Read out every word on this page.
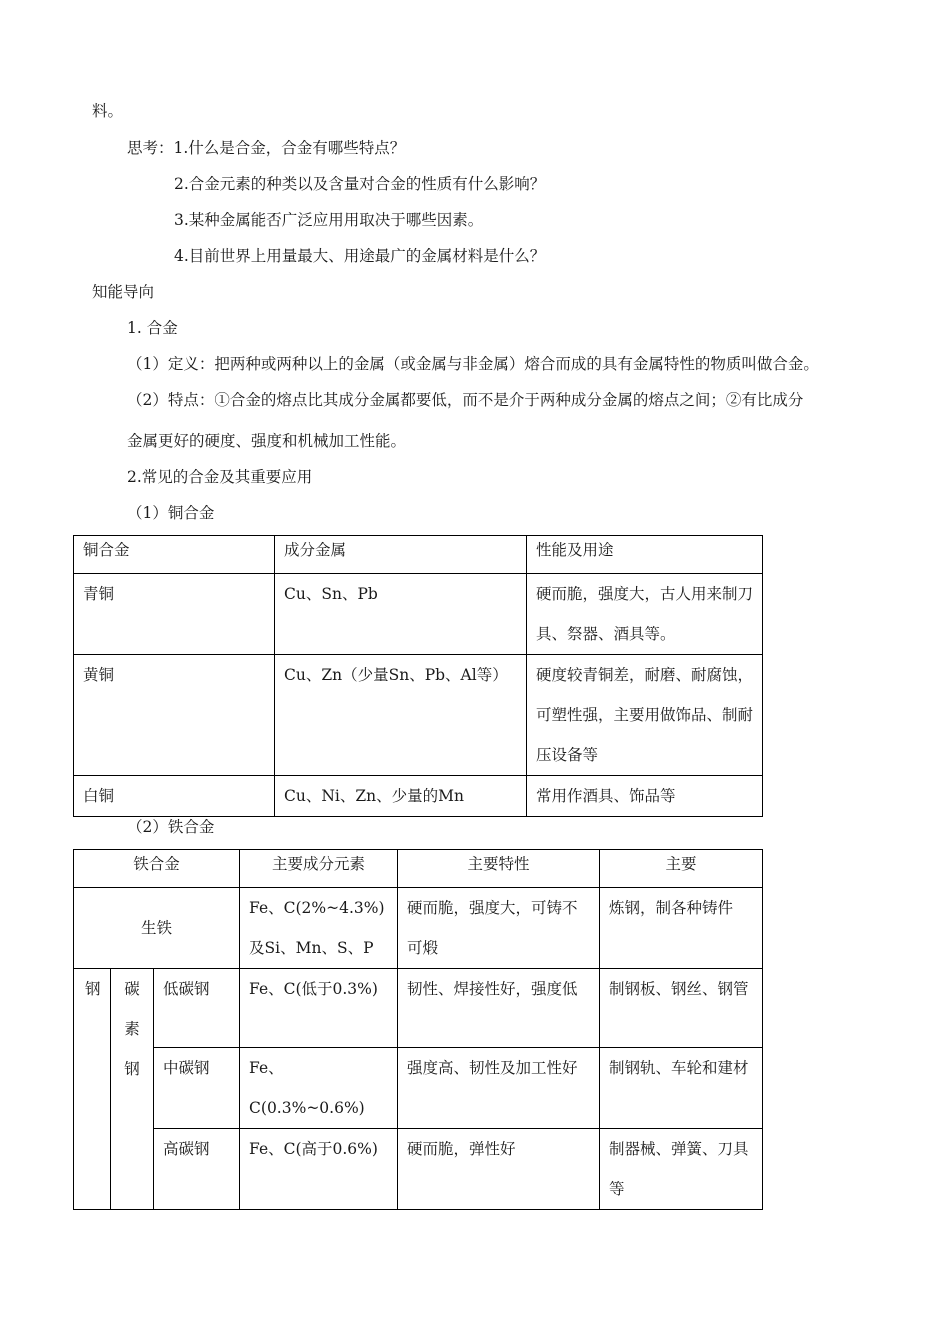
料。
思考：1.什么是合金，合金有哪些特点？
2.合金元素的种类以及含量对合金的性质有什么影响？
3.某种金属能否广泛应用用取决于哪些因素。
4.目前世界上用量最大、用途最广的金属材料是什么？
知能导向
1. 合金
（1）定义：把两种或两种以上的金属（或金属与非金属）熔合而成的具有金属特性的物质叫做合金。
（2）特点：①合金的熔点比其成分金属都要低，而不是介于两种成分金属的熔点之间；②有比成分
金属更好的硬度、强度和机械加工性能。
2.常见的合金及其重要应用
（1）铜合金
铜合金	成分金属	性能及用途
青铜	Cu、Sn、Pb	硬而脆，强度大，古人用来制刀具、祭器、酒具等。
黄铜	Cu、Zn（少量Sn、Pb、Al等）	硬度较青铜差，耐磨、耐腐蚀，可塑性强，主要用做饰品、制耐压设备等
白铜	Cu、Ni、Zn、少量的Mn	常用作酒具、饰品等
（2）铁合金
铁合金			主要成分元素	主要特性	主要
生铁			Fe、C(2%~4.3%)及Si、Mn、S、P	硬而脆，强度大，可铸不可煅	炼钢，制各种铸件

钢	碳素钢	低碳钢	Fe、C(低于0.3%)	韧性、焊接性好，强度低	制钢板、钢丝、钢管
		中碳钢	Fe、C(0.3%~0.6%)	强度高、韧性及加工性好	制钢轨、车轮和建材
		高碳钢	Fe、C(高于0.6%)	硬而脆，弹性好	制器械、弹簧、刀具等
